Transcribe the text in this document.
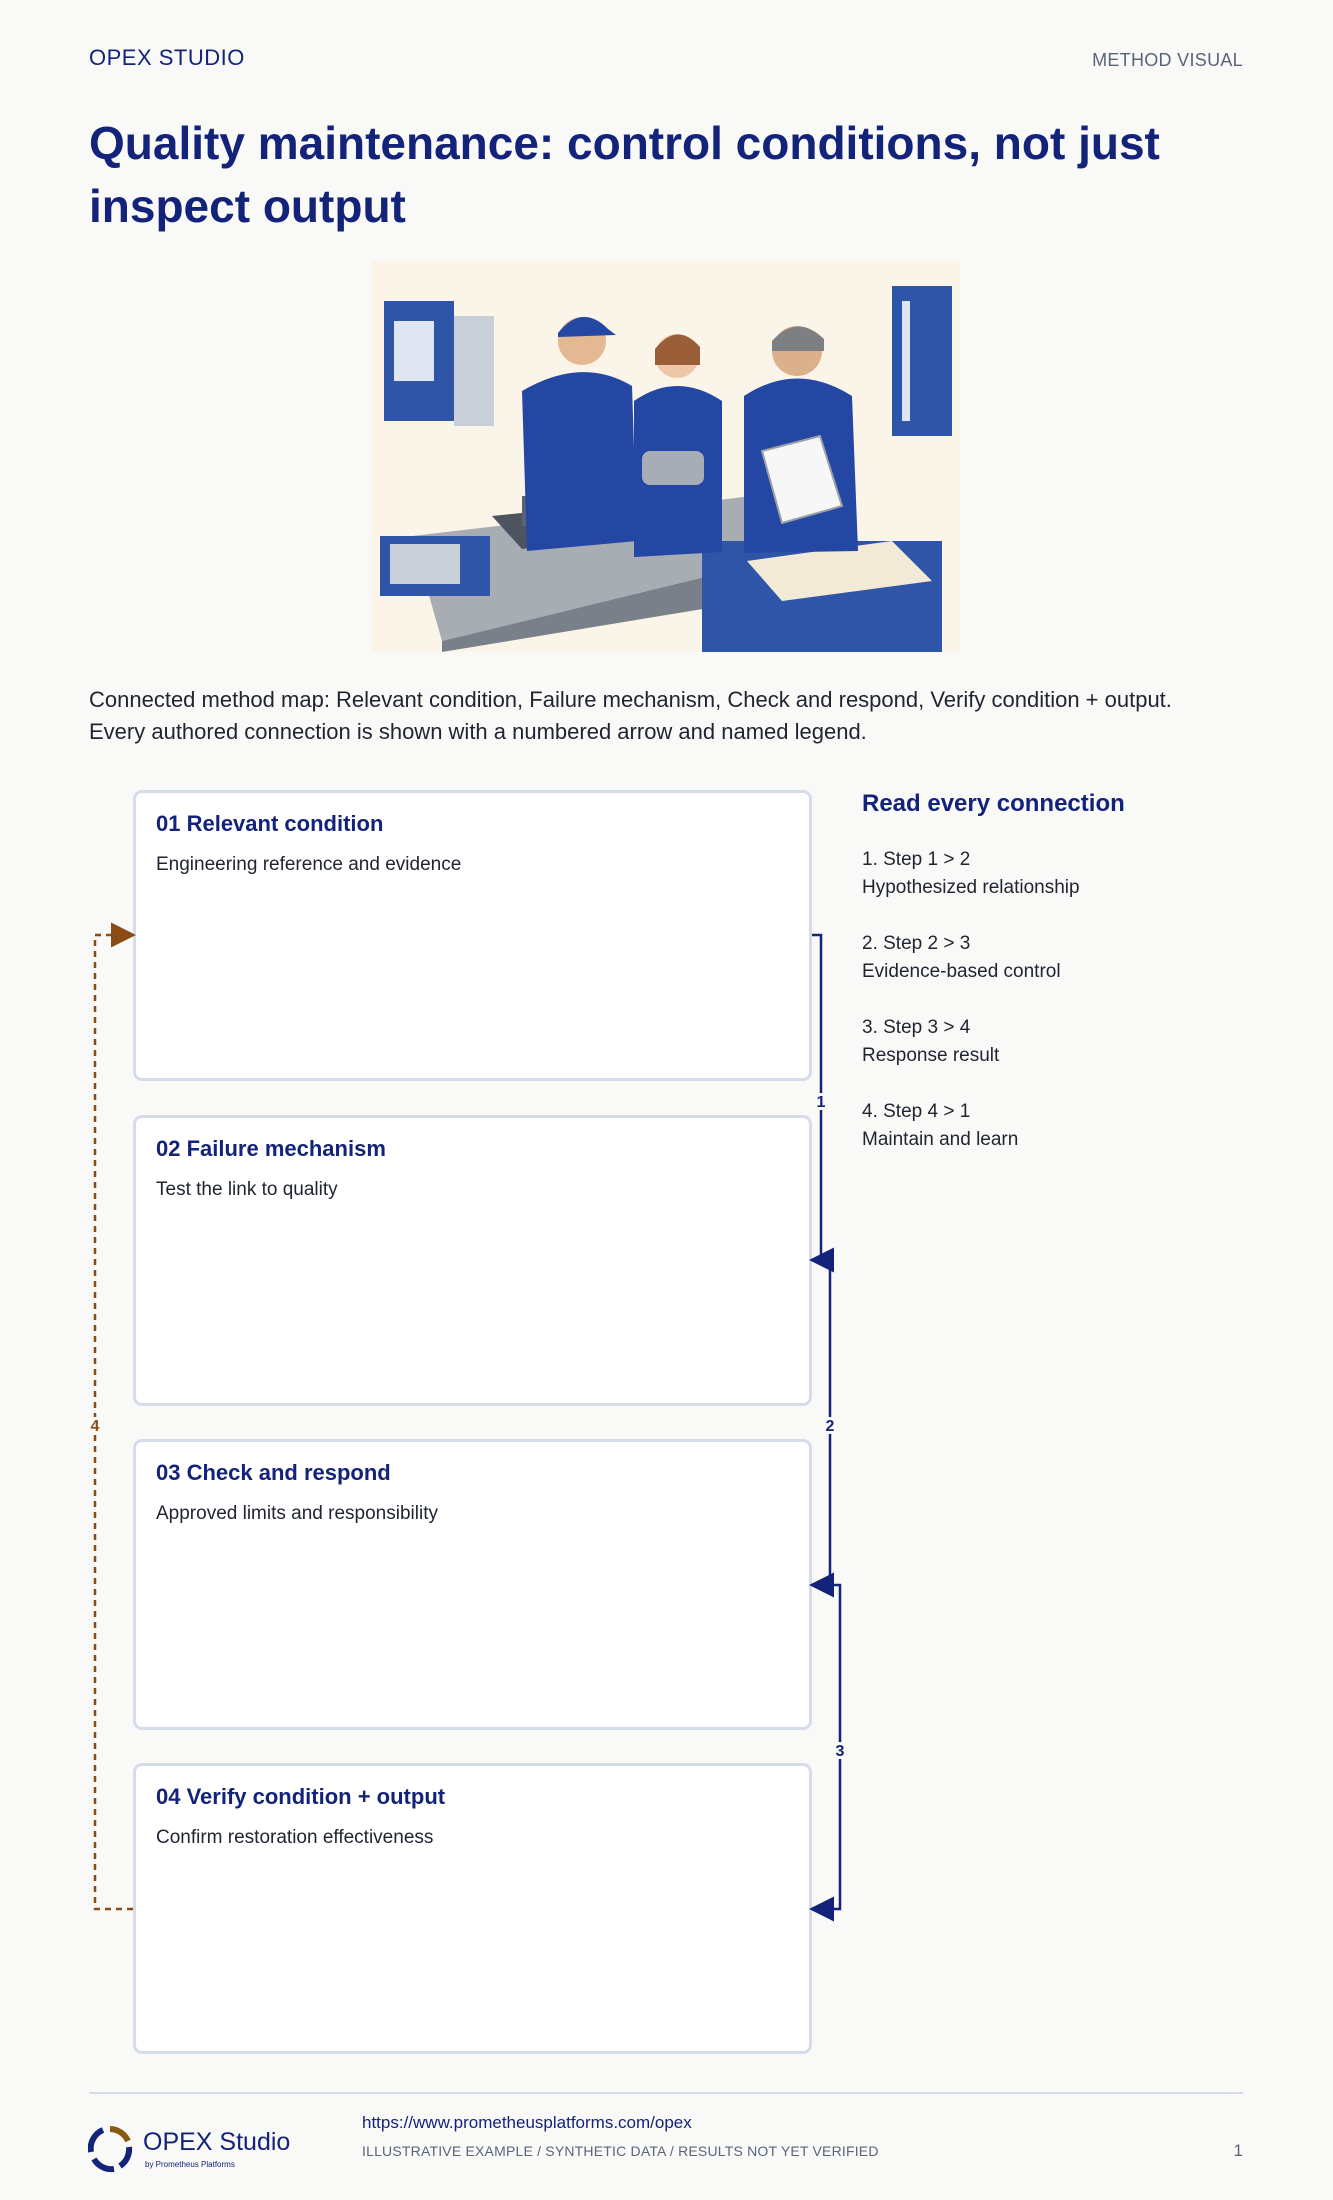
OPEX STUDIO	METHOD VISUAL
Quality maintenance: control conditions, not just inspect output

Connected method map: Relevant condition, Failure mechanism, Check and respond, Verify condition + output. Every authored connection is shown with a numbered arrow and named legend.

01 Relevant condition
Engineering reference and evidence
02 Failure mechanism
Test the link to quality
03 Check and respond
Approved limits and responsibility
04 Verify condition + output
Confirm restoration effectiveness
1
2
3
4
Read every connection
1. Step 1 > 2
Hypothesized relationship
2. Step 2 > 3
Evidence-based control
3. Step 3 > 4
Response result
4. Step 4 > 1
Maintain and learn
OPEX Studio
by Prometheus Platforms
https://www.prometheusplatforms.com/opex
ILLUSTRATIVE EXAMPLE / SYNTHETIC DATA / RESULTS NOT YET VERIFIED	1
